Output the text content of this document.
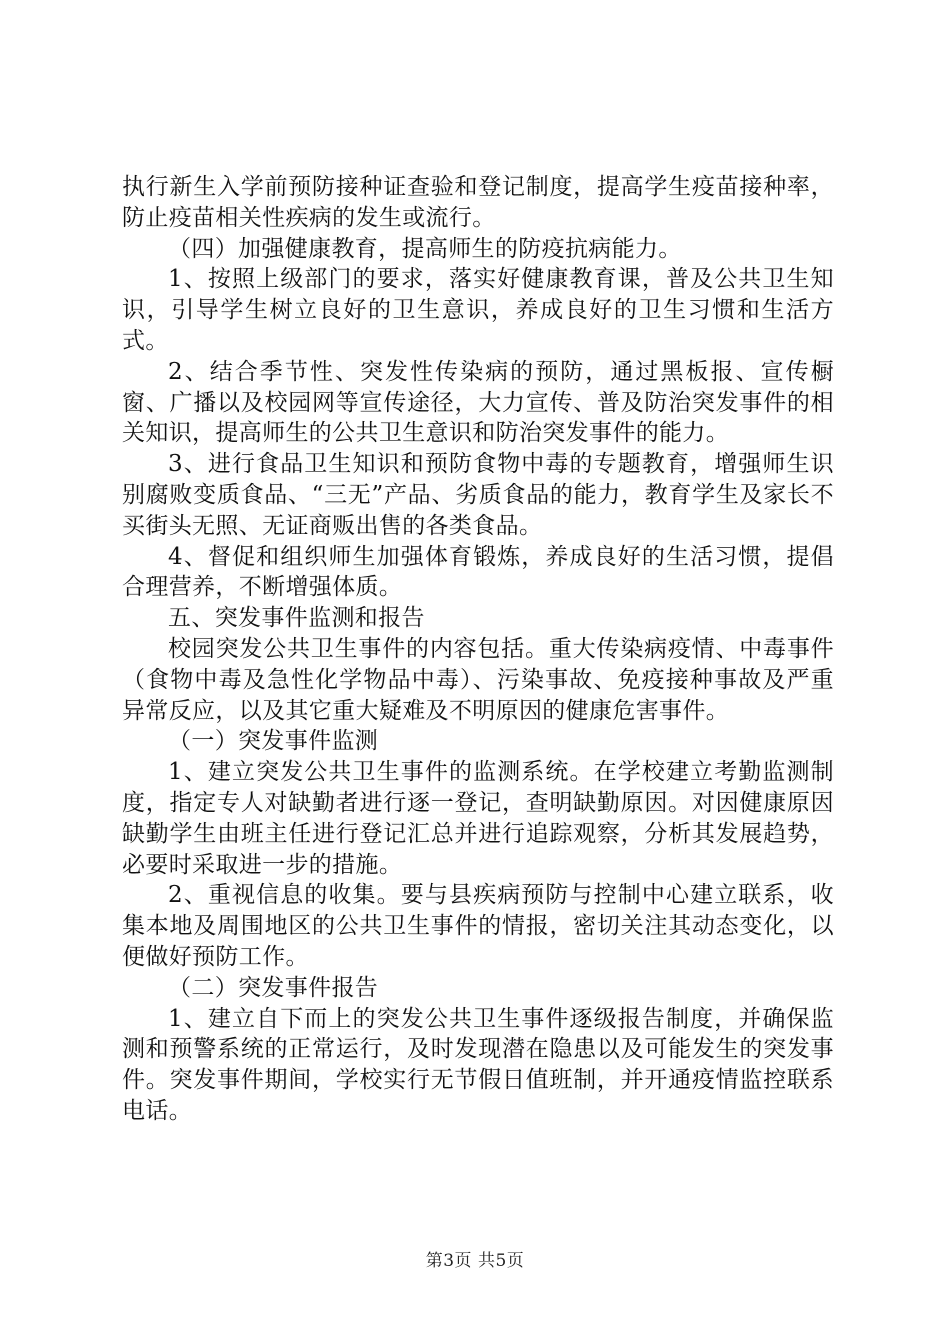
执行新生入学前预防接种证查验和登记制度，提高学生疫苗接种率，防止疫苗相关性疾病的发生或流行。

（四）加强健康教育，提高师生的防疫抗病能力。

1、按照上级部门的要求，落实好健康教育课，普及公共卫生知识，引导学生树立良好的卫生意识，养成良好的卫生习惯和生活方式。

2、结合季节性、突发性传染病的预防，通过黑板报、宣传橱窗、广播以及校园网等宣传途径，大力宣传、普及防治突发事件的相关知识，提高师生的公共卫生意识和防治突发事件的能力。

3、进行食品卫生知识和预防食物中毒的专题教育，增强师生识别腐败变质食品、“三无”产品、劣质食品的能力，教育学生及家长不买街头无照、无证商贩出售的各类食品。

4、督促和组织师生加强体育锻炼，养成良好的生活习惯，提倡合理营养，不断增强体质。

五、突发事件监测和报告

校园突发公共卫生事件的内容包括。重大传染病疫情、中毒事件（食物中毒及急性化学物品中毒）、污染事故、免疫接种事故及严重异常反应，以及其它重大疑难及不明原因的健康危害事件。

（一）突发事件监测

1、建立突发公共卫生事件的监测系统。在学校建立考勤监测制度，指定专人对缺勤者进行逐一登记，查明缺勤原因。对因健康原因缺勤学生由班主任进行登记汇总并进行追踪观察，分析其发展趋势，必要时采取进一步的措施。

2、重视信息的收集。要与县疾病预防与控制中心建立联系，收集本地及周围地区的公共卫生事件的情报，密切关注其动态变化，以便做好预防工作。

（二）突发事件报告

1、建立自下而上的突发公共卫生事件逐级报告制度，并确保监测和预警系统的正常运行，及时发现潜在隐患以及可能发生的突发事件。突发事件期间，学校实行无节假日值班制，并开通疫情监控联系电话。

第3页 共5页
